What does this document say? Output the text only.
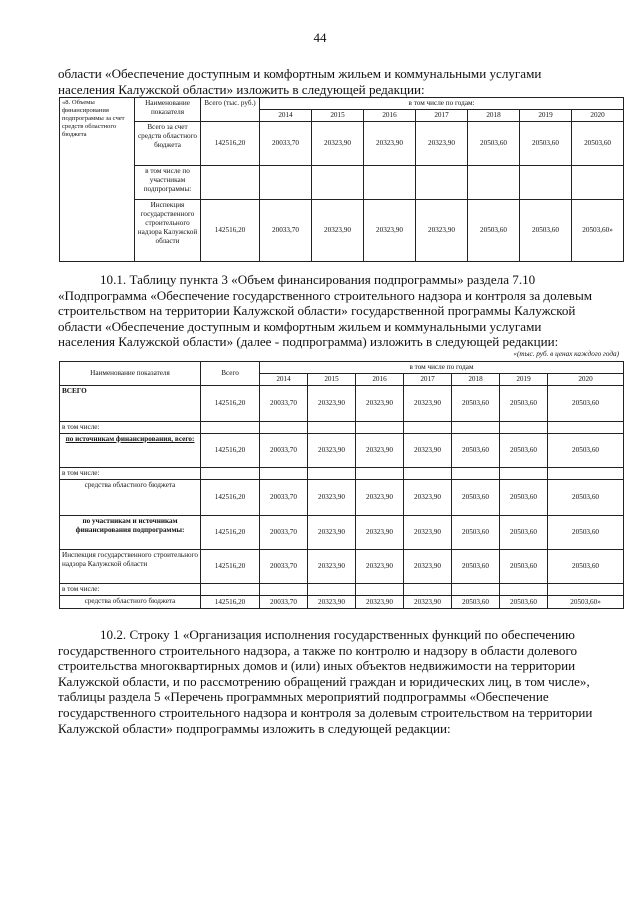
44
области «Обеспечение доступным и комфортным жильем и коммунальными услугами
населения Калужской области» изложить в следующей редакции:
«8. Объемы финансирования подпрограммы за счет средств областного бюджета	Наименование показателя	Всего (тыс. руб.)	в том числе по годам:						
			2014	2015	2016	2017	2018	2019	2020
	Всего за счет средств областного бюджета	142516,20	20033,70	20323,90	20323,90	20323,90	20503,60	20503,60	20503,60
	в том числе по участникам подпрограммы:								
	Инспекция государственного строительного надзора Калужской области	142516,20	20033,70	20323,90	20323,90	20323,90	20503,60	20503,60	20503,60»
10.1. Таблицу пункта 3 «Объем финансирования подпрограммы» раздела 7.10
«Подпрограмма «Обеспечение государственного строительного надзора и контроля за долевым
строительством на территории Калужской области» государственной программы Калужской
области «Обеспечение доступным и комфортным жильем и коммунальными услугами
населения Калужской области» (далее - подпрограмма) изложить в следующей редакции:
«(тыс. руб. в ценах каждого года)
Наименование показателя	Всего	в том числе по годам						
		2014	2015	2016	2017	2018	2019	2020
ВСЕГО	142516,20	20033,70	20323,90	20323,90	20323,90	20503,60	20503,60	20503,60
в том числе:								
по источникам финансирования, всего:	142516,20	20033,70	20323,90	20323,90	20323,90	20503,60	20503,60	20503,60
в том числе:								
средства областного бюджета	142516,20	20033,70	20323,90	20323,90	20323,90	20503,60	20503,60	20503,60
по участникам и источникам финансирования подпрограммы:	142516,20	20033,70	20323,90	20323,90	20323,90	20503,60	20503,60	20503,60
Инспекция государственного строительного надзора Калужской области	142516,20	20033,70	20323,90	20323,90	20323,90	20503,60	20503,60	20503,60
в том числе:								
средства областного бюджета	142516,20	20033,70	20323,90	20323,90	20323,90	20503,60	20503,60	20503,60»
10.2. Строку 1 «Организация исполнения государственных функций по обеспечению
государственного строительного надзора, а также по контролю и надзору в области долевого
строительства многоквартирных домов и (или) иных объектов недвижимости на территории
Калужской области, и по рассмотрению обращений граждан и юридических лиц, в том числе»,
таблицы раздела 5 «Перечень программных мероприятий подпрограммы «Обеспечение
государственного строительного надзора и контроля за долевым строительством на территории
Калужской области» подпрограммы изложить в следующей редакции:
